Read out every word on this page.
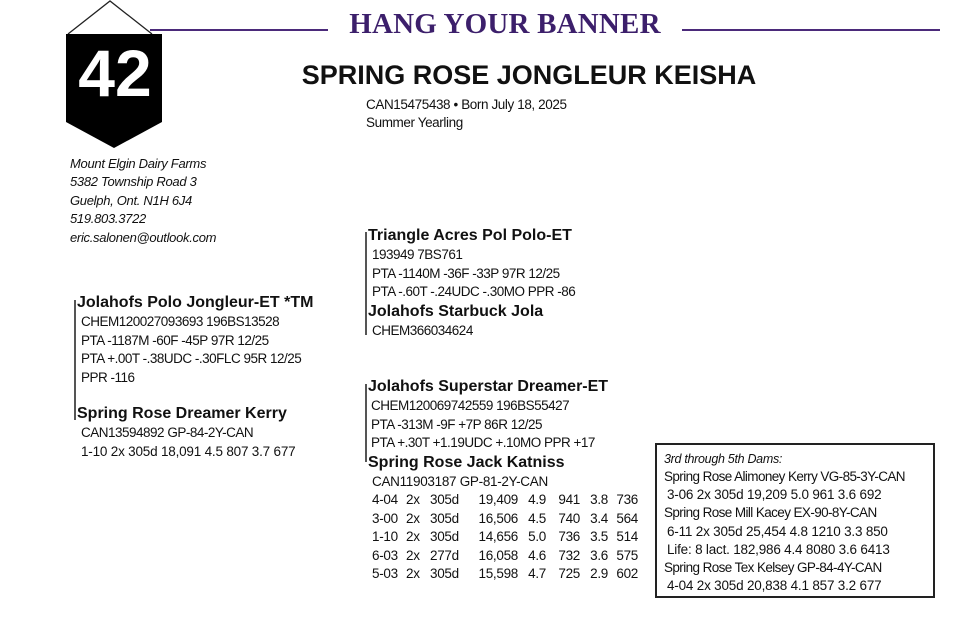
HANG YOUR BANNER
42	SPRING ROSE JONGLEUR KEISHA
CAN15475438 • Born July 18, 2025
Summer Yearling
Mount Elgin Dairy Farms
5382 Township Road 3
Guelph, Ont. N1H 6J4
519.803.3722
eric.salonen@outlook.com	Triangle Acres Pol Polo-ET
193949 7BS761
PTA -1140M -36F -33P 97R 12/25
PTA -.60T -.24UDC -.30MO PPR -86
Jolahofs Starbuck Jola
CHEM366034624
Jolahofs Polo Jongleur-ET *TM
CHEM120027093693 196BS13528
PTA -1187M -60F -45P 97R 12/25
PTA +.00T -.38UDC -.30FLC 95R 12/25
PPR -116
Spring Rose Dreamer Kerry
CAN13594892 GP-84-2Y-CAN
1-10 2x 305d 18,091 4.5 807 3.7 677
Jolahofs Superstar Dreamer-ET
CHEM120069742559 196BS55427
PTA -313M -9F +7P 86R 12/25
PTA +.30T +1.19UDC +.10MO PPR +17
Spring Rose Jack Katniss
CAN11903187 GP-81-2Y-CAN
4-04 2x 305d	19,409 4.9 941 3.8 736
3-00 2x 305d	16,506 4.5 740 3.4 564
1-10 2x 305d	14,656 5.0 736 3.5 514
6-03 2x 277d	16,058 4.6 732 3.6 575
5-03 2x 305d	15,598 4.7 725 2.9 602
3rd through 5th Dams:
Spring Rose Alimoney Kerry VG-85-3Y-CAN
3-06 2x 305d 19,209 5.0 961 3.6 692
Spring Rose Mill Kacey EX-90-8Y-CAN
6-11 2x 305d 25,454 4.8 1210 3.3 850
Life: 8 lact. 182,986 4.4 8080 3.6 6413
Spring Rose Tex Kelsey GP-84-4Y-CAN
4-04 2x 305d 20,838 4.1 857 3.2 677
